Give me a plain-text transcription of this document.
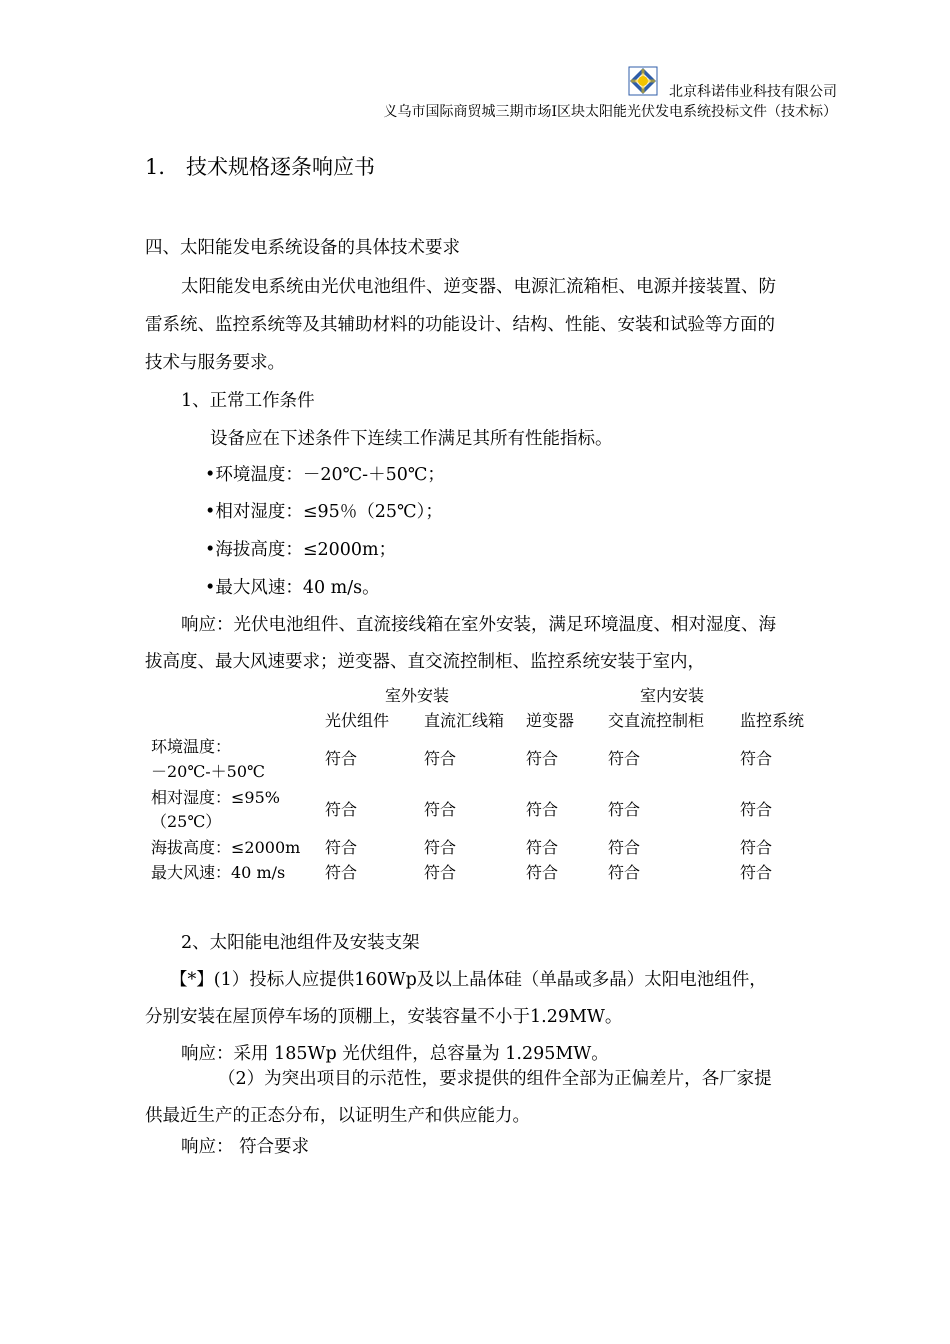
北京科诺伟业科技有限公司
义乌市国际商贸城三期市场I区块太阳能光伏发电系统投标文件（技术标）
1． 技术规格逐条响应书
四、太阳能发电系统设备的具体技术要求
太阳能发电系统由光伏电池组件、逆变器、电源汇流箱柜、电源并接装置、防
雷系统、监控系统等及其辅助材料的功能设计、结构、性能、安装和试验等方面的
技术与服务要求。
1、正常工作条件
设备应在下述条件下连续工作满足其所有性能指标。
•环境温度：－20℃-＋50℃；
•相对湿度：≤95％（25℃）；
•海拔高度：≤2000m；
•最大风速：40 m/s。
响应：光伏电池组件、直流接线箱在室外安装，满足环境温度、相对湿度、海
拔高度、最大风速要求；逆变器、直交流控制柜、监控系统安装于室内，
室外安装	室内安装
光伏组件 直流汇线箱 逆变器 交直流控制柜 监控系统
环境温度：
－20℃-＋50℃
符合	符合	符合	符合	符合
相对湿度：≤95%
（25℃）
符合	符合	符合	符合	符合
海拔高度：≤2000m 符合	符合	符合	符合	符合
最大风速：40 m/s 符合	符合	符合	符合	符合
2、太阳能电池组件及安装支架
【*】(1）投标人应提供160Wp及以上晶体硅（单晶或多晶）太阳电池组件，
分别安装在屋顶停车场的顶棚上，安装容量不小于1.29MW。
响应：采用 185Wp 光伏组件，总容量为 1.295MW。
（2）为突出项目的示范性，要求提供的组件全部为正偏差片，各厂家提
供最近生产的正态分布，以证明生产和供应能力。
响应： 符合要求
